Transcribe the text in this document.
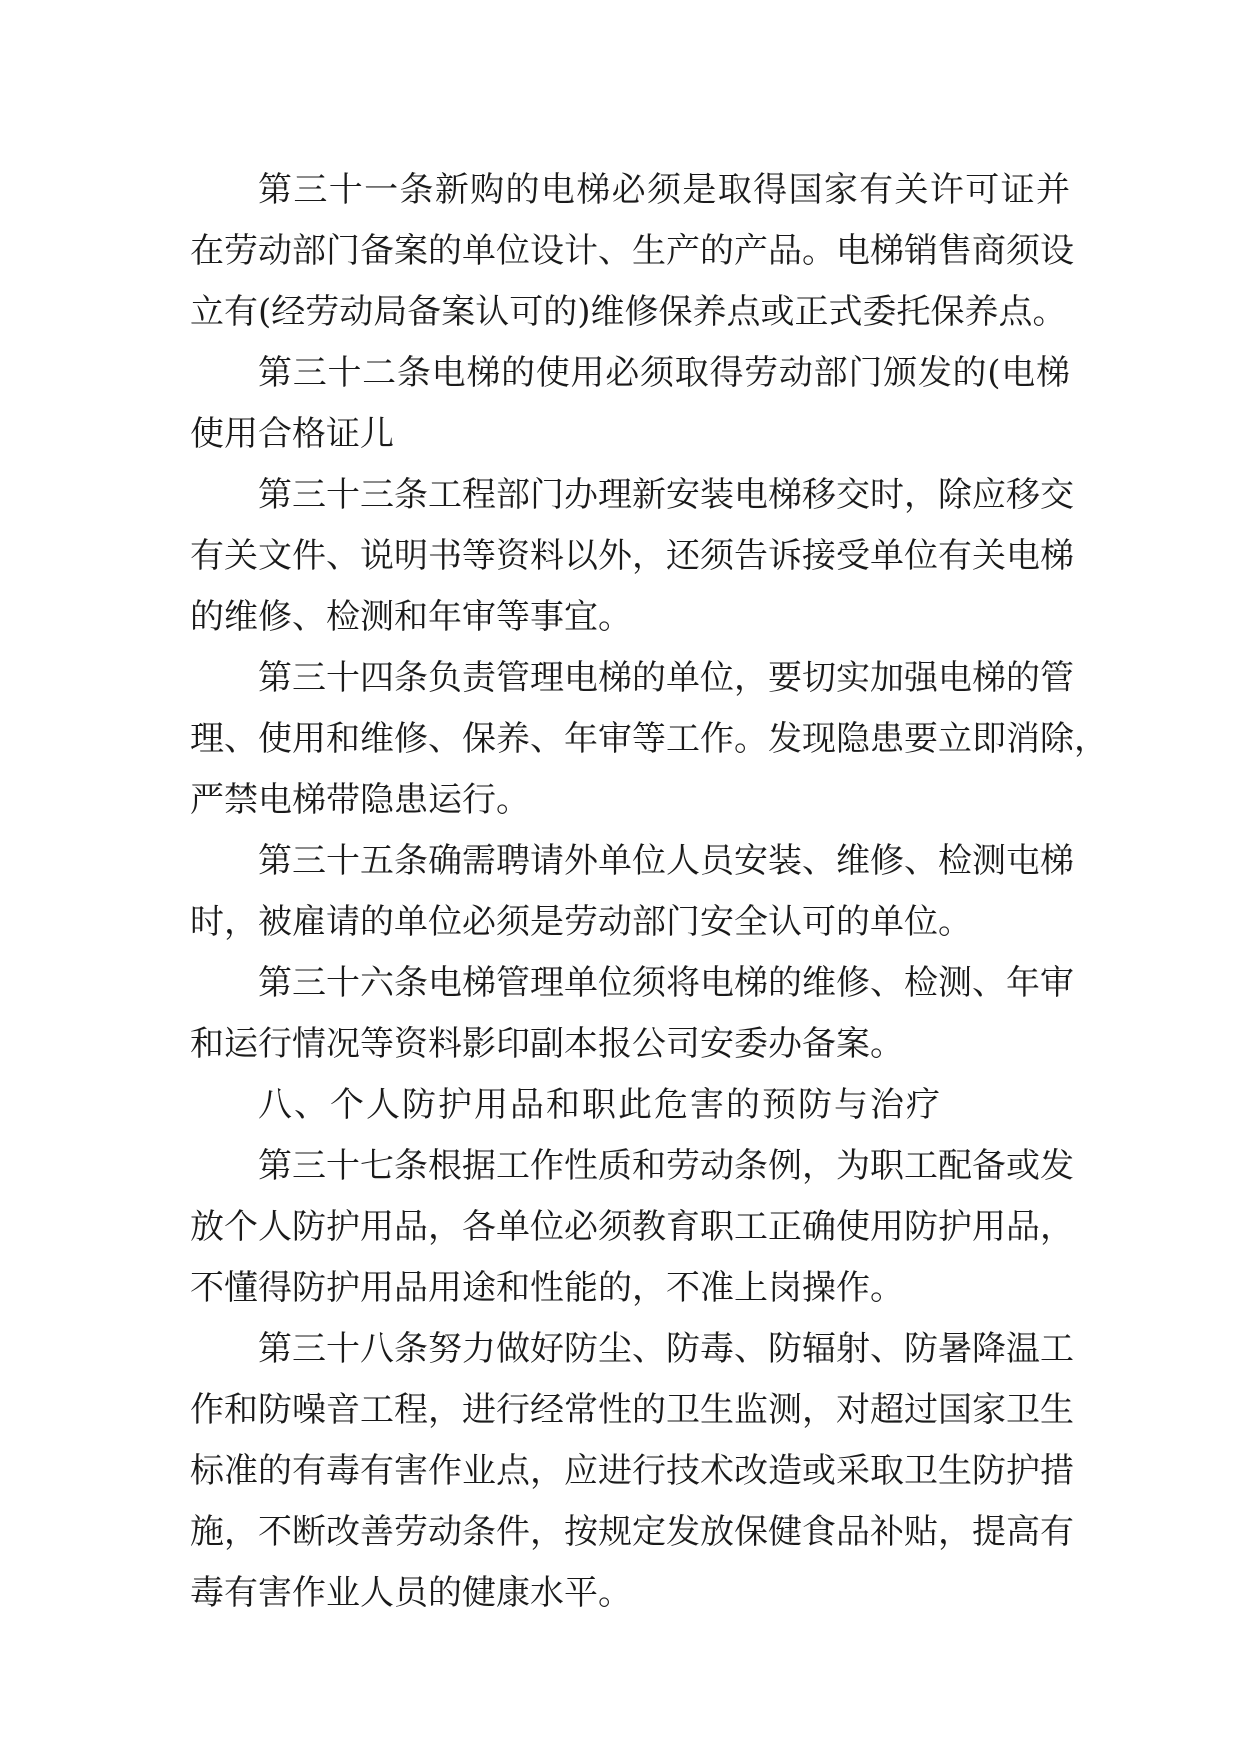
第三十一条新购的电梯必须是取得国家有关许可证并
在劳动部门备案的单位设计、生产的产品。电梯销售商须设
立有(经劳动局备案认可的)维修保养点或正式委托保养点。
第三十二条电梯的使用必须取得劳动部门颁发的(电梯
使用合格证儿
第三十三条工程部门办理新安装电梯移交时，除应移交
有关文件、说明书等资料以外，还须告诉接受单位有关电梯
的维修、检测和年审等事宜。
第三十四条负责管理电梯的单位，要切实加强电梯的管
理、使用和维修、保养、年审等工作。发现隐患要立即消除，
严禁电梯带隐患运行。
第三十五条确需聘请外单位人员安装、维修、检测屯梯
时，被雇请的单位必须是劳动部门安全认可的单位。
第三十六条电梯管理单位须将电梯的维修、检测、年审
和运行情况等资料影印副本报公司安委办备案。
八、个人防护用品和职此危害的预防与治疗
第三十七条根据工作性质和劳动条例，为职工配备或发
放个人防护用品，各单位必须教育职工正确使用防护用品，
不懂得防护用品用途和性能的，不准上岗操作。
第三十八条努力做好防尘、防毒、防辐射、防暑降温工
作和防噪音工程，进行经常性的卫生监测，对超过国家卫生
标准的有毒有害作业点，应进行技术改造或采取卫生防护措
施，不断改善劳动条件，按规定发放保健食品补贴，提高有
毒有害作业人员的健康水平。
